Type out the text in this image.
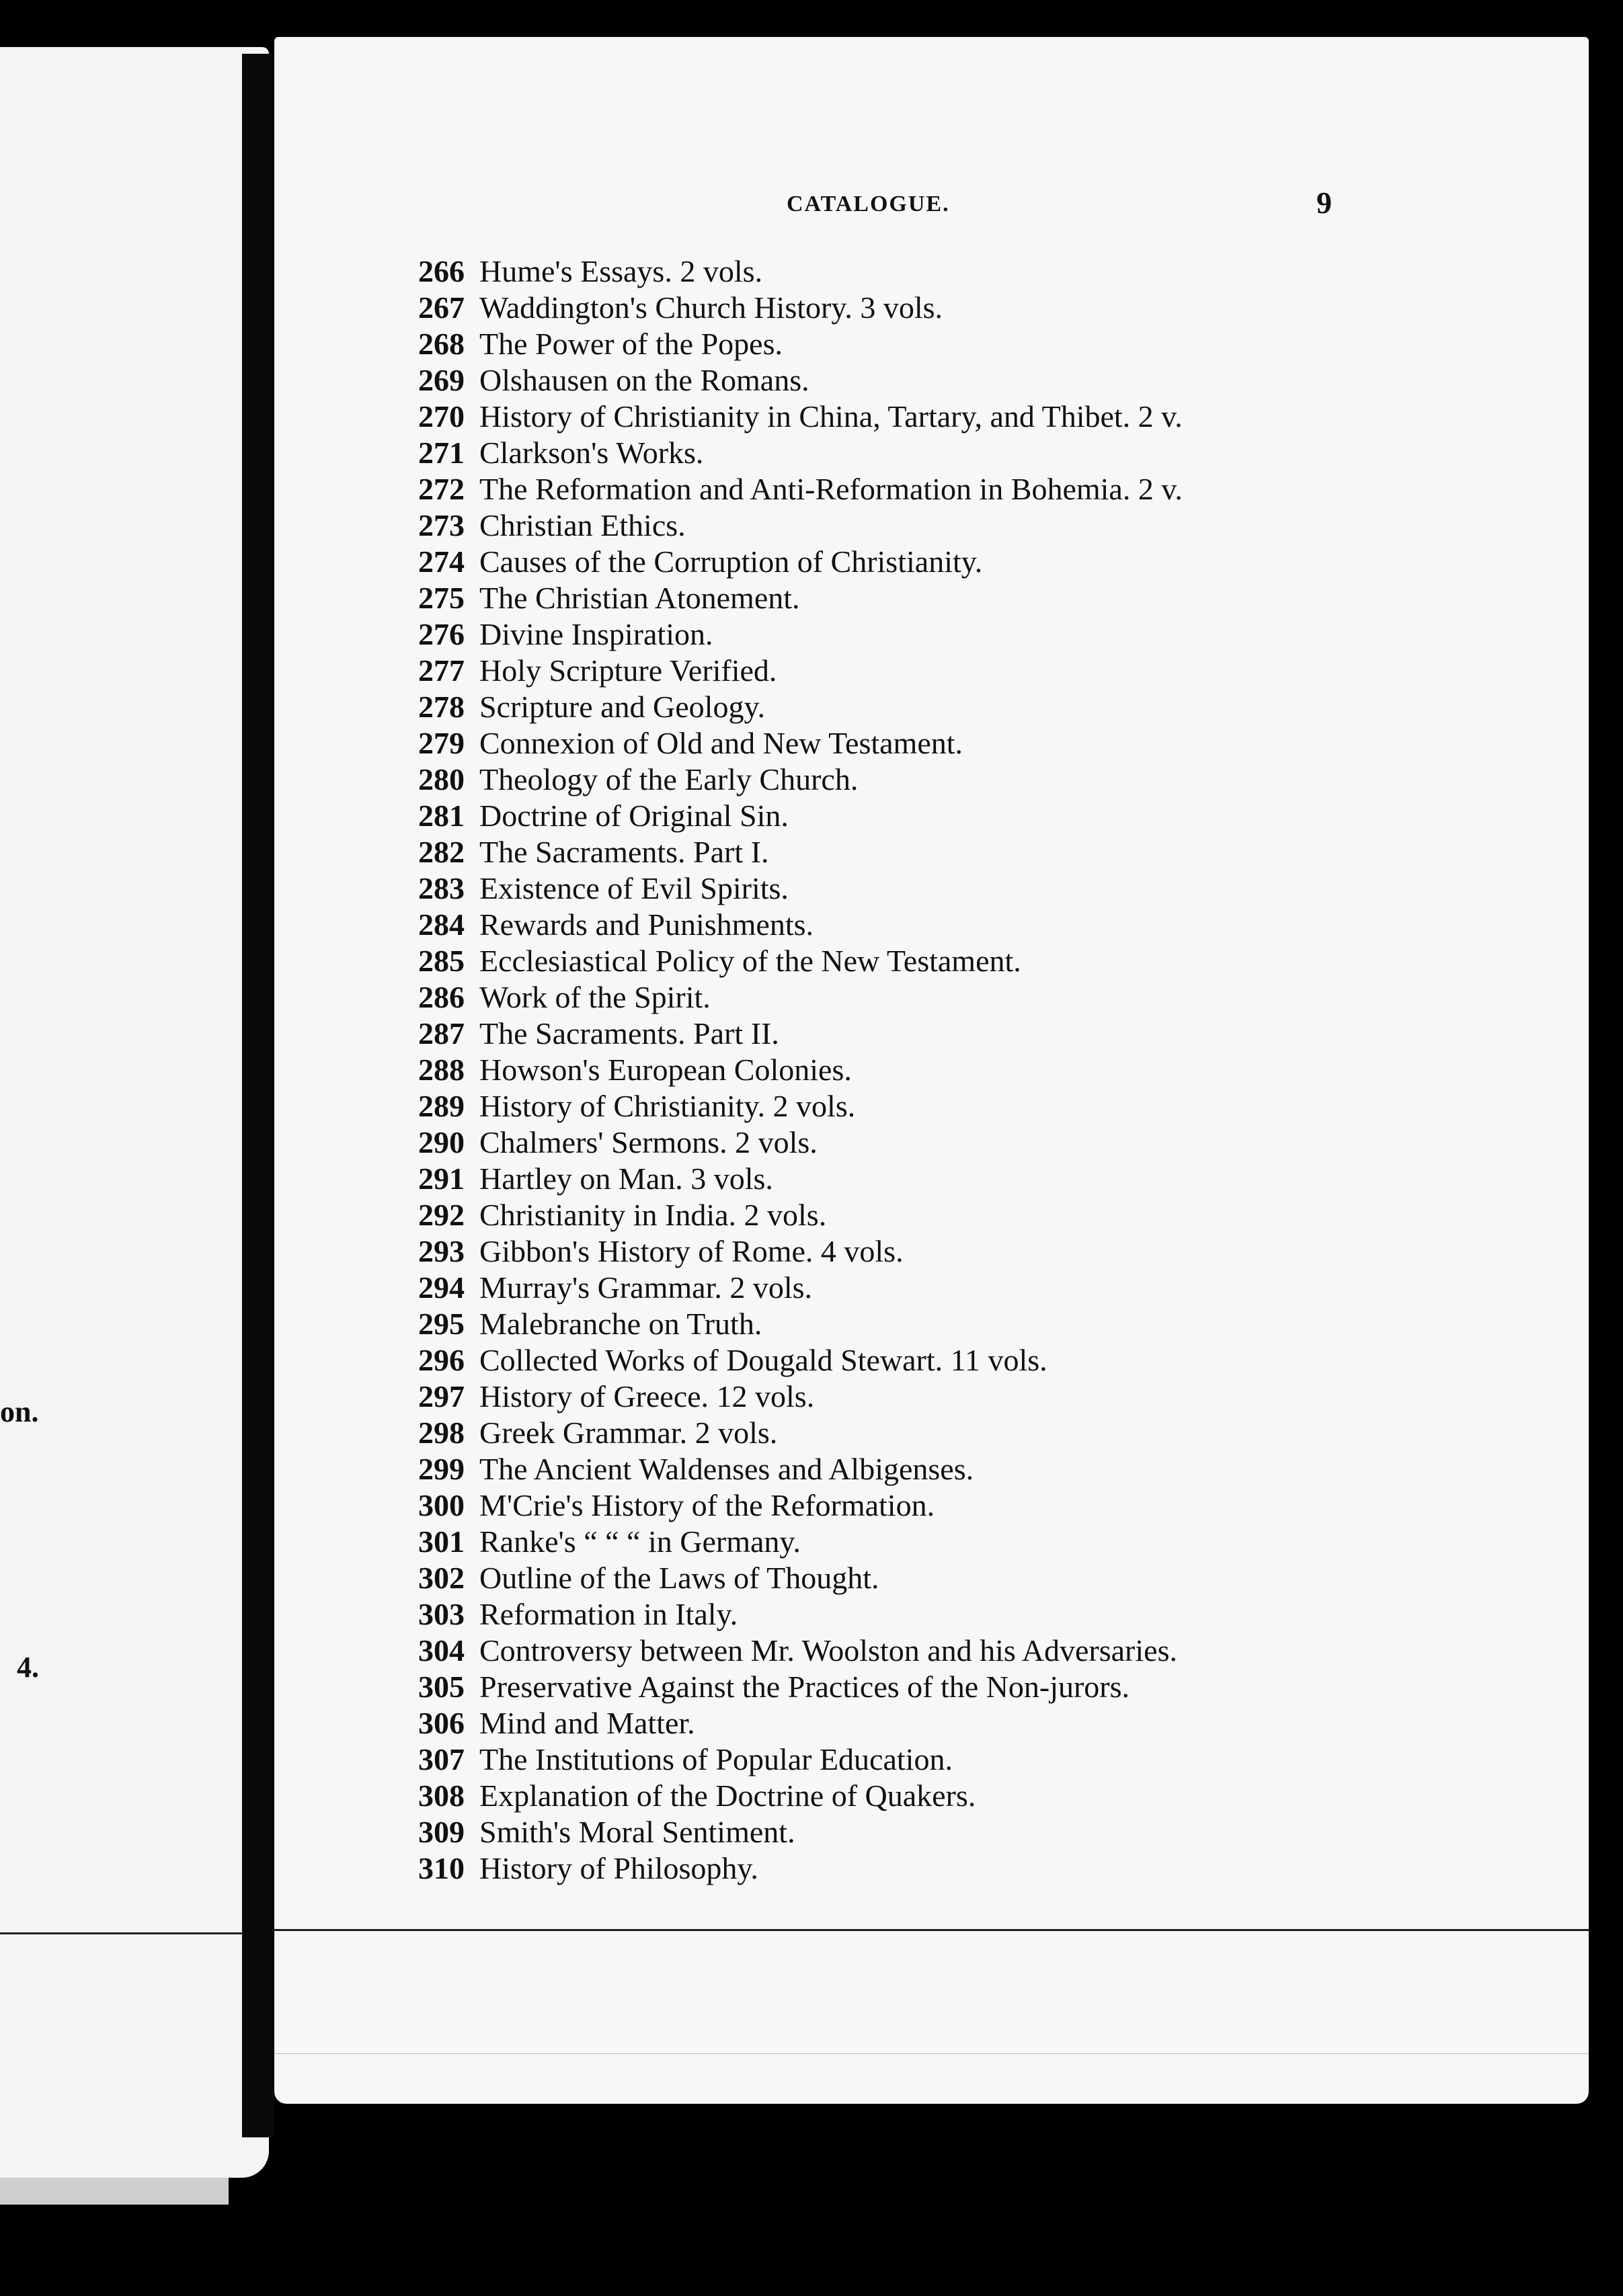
on.
4.
CATALOGUE.	9
266 Hume's Essays. 2 vols.
267 Waddington's Church History. 3 vols.
268 The Power of the Popes.
269 Olshausen on the Romans.
270 History of Christianity in China, Tartary, and Thibet. 2 v.
271 Clarkson's Works.
272 The Reformation and Anti-Reformation in Bohemia. 2 v.
273 Christian Ethics.
274 Causes of the Corruption of Christianity.
275 The Christian Atonement.
276 Divine Inspiration.
277 Holy Scripture Verified.
278 Scripture and Geology.
279 Connexion of Old and New Testament.
280 Theology of the Early Church.
281 Doctrine of Original Sin.
282 The Sacraments. Part I.
283 Existence of Evil Spirits.
284 Rewards and Punishments.
285 Ecclesiastical Policy of the New Testament.
286 Work of the Spirit.
287 The Sacraments. Part II.
288 Howson's European Colonies.
289 History of Christianity. 2 vols.
290 Chalmers' Sermons. 2 vols.
291 Hartley on Man. 3 vols.
292 Christianity in India. 2 vols.
293 Gibbon's History of Rome. 4 vols.
294 Murray's Grammar. 2 vols.
295 Malebranche on Truth.
296 Collected Works of Dougald Stewart. 11 vols.
297 History of Greece. 12 vols.
298 Greek Grammar. 2 vols.
299 The Ancient Waldenses and Albigenses.
300 M'Crie's History of the Reformation.
301 Ranke's “ “ “ in Germany.
302 Outline of the Laws of Thought.
303 Reformation in Italy.
304 Controversy between Mr. Woolston and his Adversaries.
305 Preservative Against the Practices of the Non-jurors.
306 Mind and Matter.
307 The Institutions of Popular Education.
308 Explanation of the Doctrine of Quakers.
309 Smith's Moral Sentiment.
310 History of Philosophy.
